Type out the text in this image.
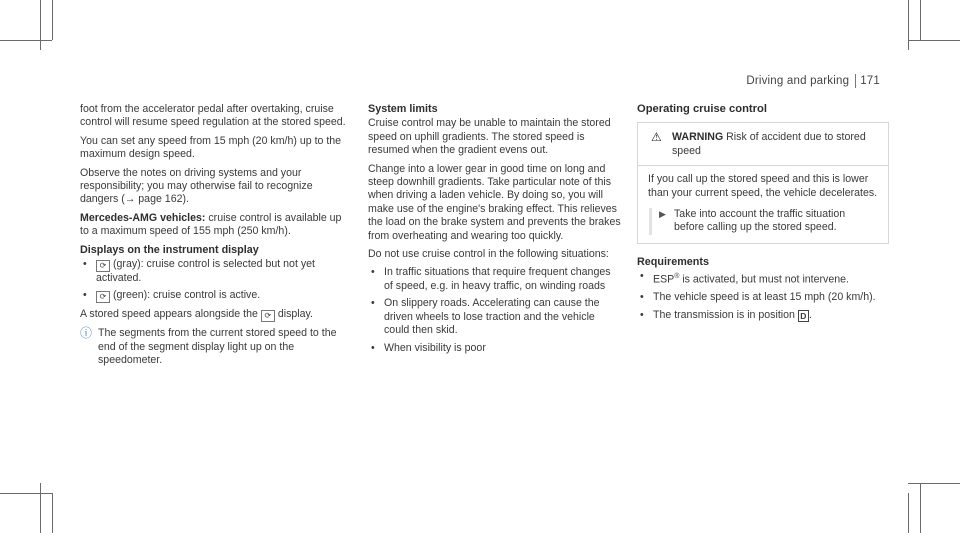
Driving and parking 171

foot from the accelerator pedal after overtaking, cruise control will resume speed regulation at the stored speed.

You can set any speed from 15 mph (20 km/h) up to the maximum design speed.

Observe the notes on driving systems and your responsibility; you may otherwise fail to recognize dangers (→ page 162).

Mercedes-AMG vehicles: cruise control is available up to a maximum speed of 155 mph (250 km/h).

Displays on the instrument display
• ⟳ (gray): cruise control is selected but not yet activated.
• ⟳ (green): cruise control is active.

A stored speed appears alongside the ⟳ display.

ⓘ The segments from the current stored speed to the end of the segment display light up on the speedometer.
System limits

Cruise control may be unable to maintain the stored speed on uphill gradients. The stored speed is resumed when the gradient evens out.

Change into a lower gear in good time on long and steep downhill gradients. Take particular note of this when driving a laden vehicle. By doing so, you will make use of the engine's braking effect. This relieves the load on the brake system and prevents the brakes from overheating and wearing too quickly.

Do not use cruise control in the following situations:

• In traffic situations that require frequent changes of speed, e.g. in heavy traffic, on winding roads
• On slippery roads. Accelerating can cause the driven wheels to lose traction and the vehicle could then skid.
• When visibility is poor
Operating cruise control
⚠ WARNING Risk of accident due to stored speed

If you call up the stored speed and this is lower than your current speed, the vehicle decelerates.

▶ Take into account the traffic situation before calling up the stored speed.
Requirements
• ESP® is activated, but must not intervene.
• The vehicle speed is at least 15 mph (20 km/h).
• The transmission is in position D .
